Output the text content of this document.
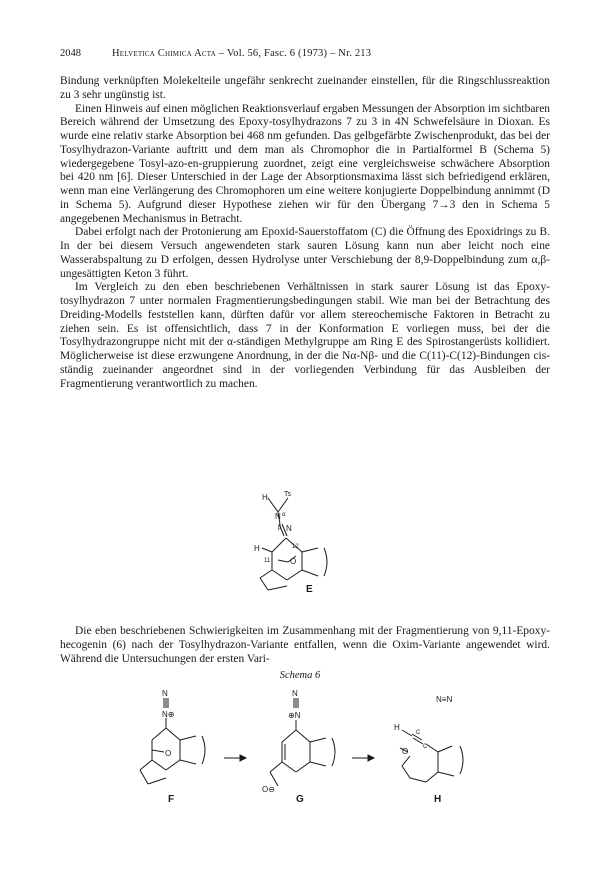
2048	Helvetica Chimica Acta – Vol. 56, Fasc. 6 (1973) – Nr. 213

Bindung verknüpften Molekelteile ungefähr senkrecht zueinander einstellen, für die Ringschlussreaktion zu 3 sehr ungünstig ist.

Einen Hinweis auf einen möglichen Reaktionsverlauf ergaben Messungen der Absorption im sichtbaren Bereich während der Umsetzung des Epoxy-tosylhydrazons 7 zu 3 in 4N Schwefelsäure in Dioxan. Es wurde eine relativ starke Absorption bei 468 nm gefunden. Das gelbgefärbte Zwischenprodukt, das bei der Tosylhydrazon-Variante auftritt und dem man als Chromophor die in Partialformel B (Schema 5) wiedergegebene Tosyl-azo-en-gruppierung zuordnet, zeigt eine vergleichsweise schwächere Absorption bei 420 nm [6]. Dieser Unterschied in der Lage der Absorptionsmaxima lässt sich befriedigend erklären, wenn man eine Verlängerung des Chromophoren um eine weitere konjugierte Doppelbindung annimmt (D in Schema 5). Aufgrund dieser Hypothese ziehen wir für den Übergang 7→3 den in Schema 5 angegebenen Mechanismus in Betracht.

Dabei erfolgt nach der Protonierung am Epoxid-Sauerstoffatom (C) die Öffnung des Epoxidrings zu B. In der bei diesem Versuch angewendeten stark sauren Lösung kann nun aber leicht noch eine Wasserabspaltung zu D erfolgen, dessen Hydrolyse unter Verschiebung der 8,9-Doppelbindung zum α,β-ungesättigten Keton 3 führt.

Im Vergleich zu den eben beschriebenen Verhältnissen in stark saurer Lösung ist das Epoxy-tosylhydrazon 7 unter normalen Fragmentierungsbedingungen stabil. Wie man bei der Betrachtung des Dreiding-Modells feststellen kann, dürften dafür vor allem stereochemische Faktoren in Betracht zu ziehen sein. Es ist offensichtlich, dass 7 in der Konformation E vorliegen muss, bei der die Tosylhydrazongruppe nicht mit der α-ständigen Methylgruppe am Ring E des Spirostangerüsts kollidiert. Möglicherweise ist diese erzwungene Anordnung, in der die Nα-Nβ- und die C(11)-C(12)-Bindungen cis-ständig zueinander angeordnet sind in der vorliegenden Verbindung für das Ausbleiben der Fragmentierung verantwortlich zu machen.

H Ts
α
N
β N
H	12
11 O
E

Die eben beschriebenen Schwierigkeiten im Zusammenhang mit der Fragmentierung von 9,11-Epoxy-hecogenin (6) nach der Tosylhydrazon-Variante entfallen, wenn die Oxim-Variante angewendet wird. Während die Untersuchungen der ersten Vari-

Schema 6
N
N⊕
O
F
N
⊕N
O⊖
G
N≡N
H
C
C
O
H
